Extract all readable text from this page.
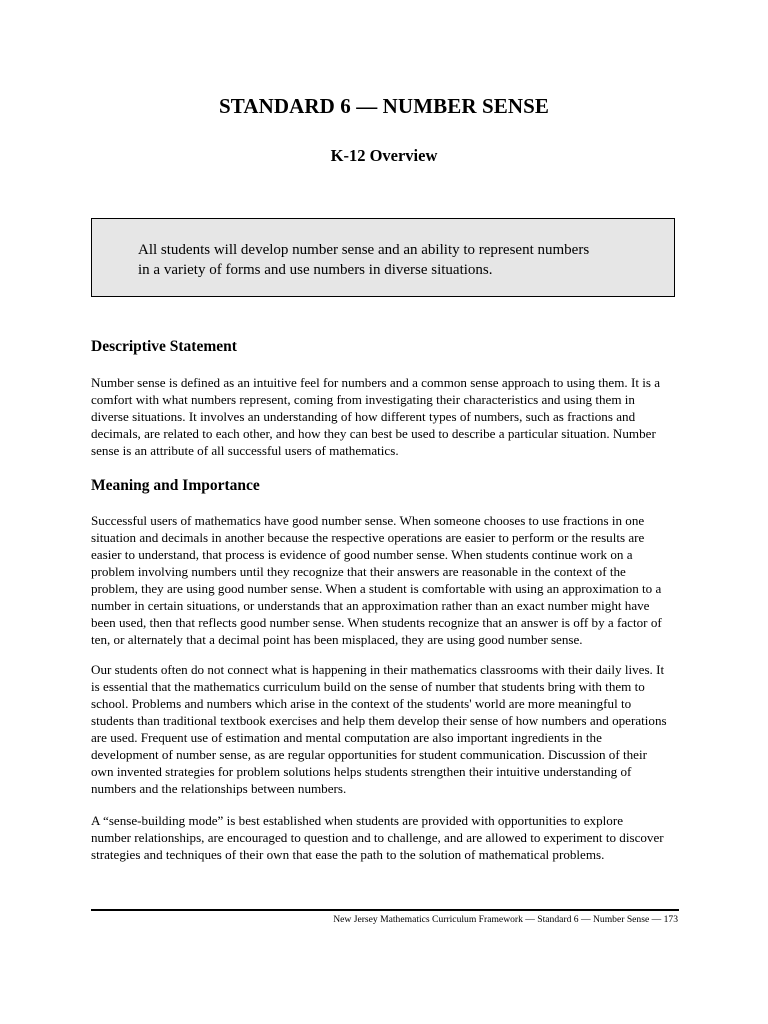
STANDARD 6 — NUMBER SENSE
K-12 Overview
All students will develop number sense and an ability to represent numbers
in a variety of forms and use numbers in diverse situations.
Descriptive Statement

Number sense is defined as an intuitive feel for numbers and a common sense approach to using them. It is a
comfort with what numbers represent, coming from investigating their characteristics and using them in
diverse situations. It involves an understanding of how different types of numbers, such as fractions and
decimals, are related to each other, and how they can best be used to describe a particular situation. Number
sense is an attribute of all successful users of mathematics.

Meaning and Importance

Successful users of mathematics have good number sense. When someone chooses to use fractions in one
situation and decimals in another because the respective operations are easier to perform or the results are
easier to understand, that process is evidence of good number sense. When students continue work on a
problem involving numbers until they recognize that their answers are reasonable in the context of the
problem, they are using good number sense. When a student is comfortable with using an approximation to a
number in certain situations, or understands that an approximation rather than an exact number might have
been used, then that reflects good number sense. When students recognize that an answer is off by a factor of
ten, or alternately that a decimal point has been misplaced, they are using good number sense.

Our students often do not connect what is happening in their mathematics classrooms with their daily lives. It
is essential that the mathematics curriculum build on the sense of number that students bring with them to
school. Problems and numbers which arise in the context of the students' world are more meaningful to
students than traditional textbook exercises and help them develop their sense of how numbers and operations
are used. Frequent use of estimation and mental computation are also important ingredients in the
development of number sense, as are regular opportunities for student communication. Discussion of their
own invented strategies for problem solutions helps students strengthen their intuitive understanding of
numbers and the relationships between numbers.

A “sense-building mode” is best established when students are provided with opportunities to explore
number relationships, are encouraged to question and to challenge, and are allowed to experiment to discover
strategies and techniques of their own that ease the path to the solution of mathematical problems.

New Jersey Mathematics Curriculum Framework — Standard 6 — Number Sense — 173
